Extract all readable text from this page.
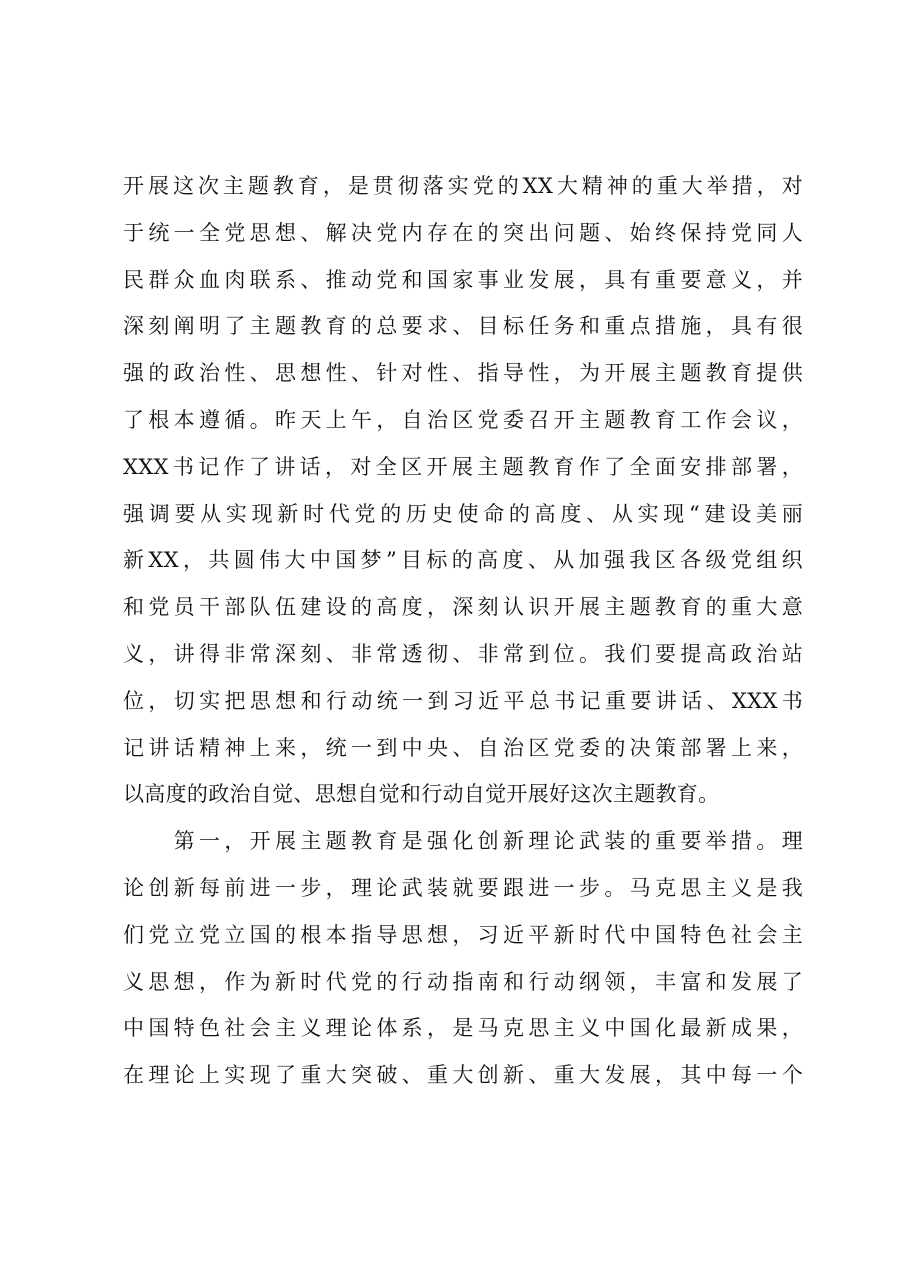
开展这次主题教育，是贯彻落实党的XX大精神的重大举措，对
于统一全党思想、解决党内存在的突出问题、始终保持党同人
民群众血肉联系、推动党和国家事业发展，具有重要意义，并
深刻阐明了主题教育的总要求、目标任务和重点措施，具有很
强的政治性、思想性、针对性、指导性，为开展主题教育提供
了根本遵循。昨天上午，自治区党委召开主题教育工作会议，
XXX书记作了讲话，对全区开展主题教育作了全面安排部署，
强调要从实现新时代党的历史使命的高度、从实现“建设美丽
新XX，共圆伟大中国梦”目标的高度、从加强我区各级党组织
和党员干部队伍建设的高度，深刻认识开展主题教育的重大意
义，讲得非常深刻、非常透彻、非常到位。我们要提高政治站
位，切实把思想和行动统一到习近平总书记重要讲话、XXX书
记讲话精神上来，统一到中央、自治区党委的决策部署上来，
以高度的政治自觉、思想自觉和行动自觉开展好这次主题教育。
　　第一，开展主题教育是强化创新理论武装的重要举措。理
论创新每前进一步，理论武装就要跟进一步。马克思主义是我
们党立党立国的根本指导思想，习近平新时代中国特色社会主
义思想，作为新时代党的行动指南和行动纲领，丰富和发展了
中国特色社会主义理论体系，是马克思主义中国化最新成果，
在理论上实现了重大突破、重大创新、重大发展，其中每一个
